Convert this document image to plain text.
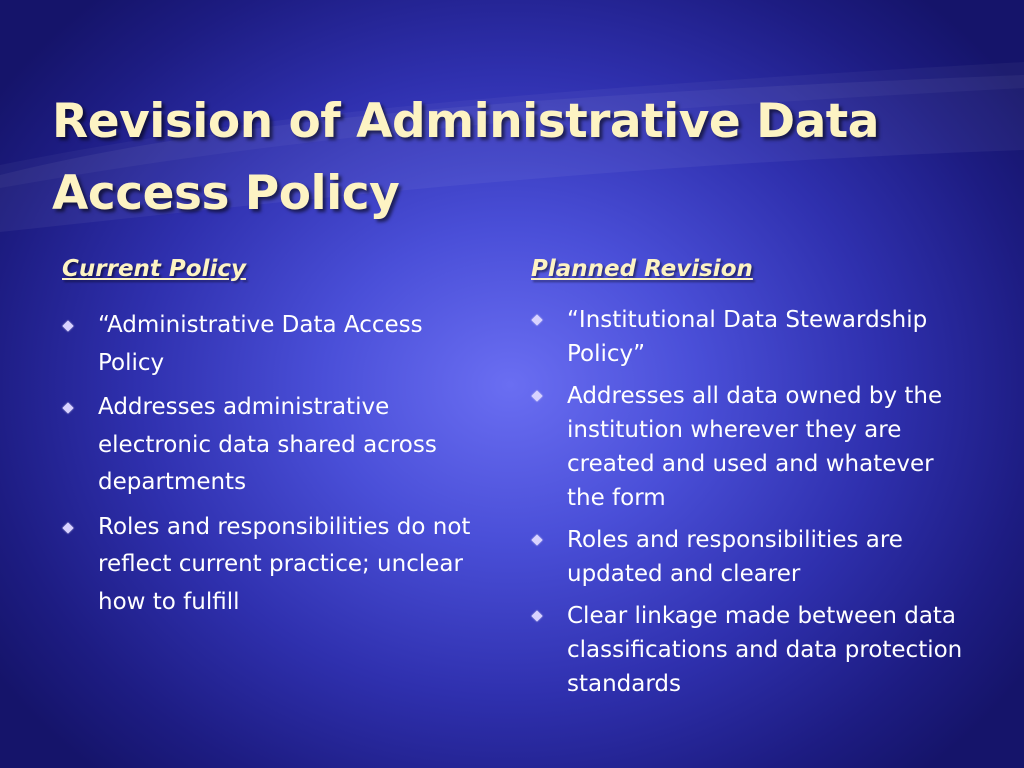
Revision of Administrative Data
Access Policy
Current Policy
“Administrative Data Access Policy
Addresses administrative electronic data shared across departments
Roles and responsibilities do not reflect current practice; unclear how to fulfill
Planned Revision
“Institutional Data Stewardship Policy”
Addresses all data owned by the institution wherever they are created and used and whatever the form
Roles and responsibilities are updated and clearer
Clear linkage made between data classifications and data protection standards
